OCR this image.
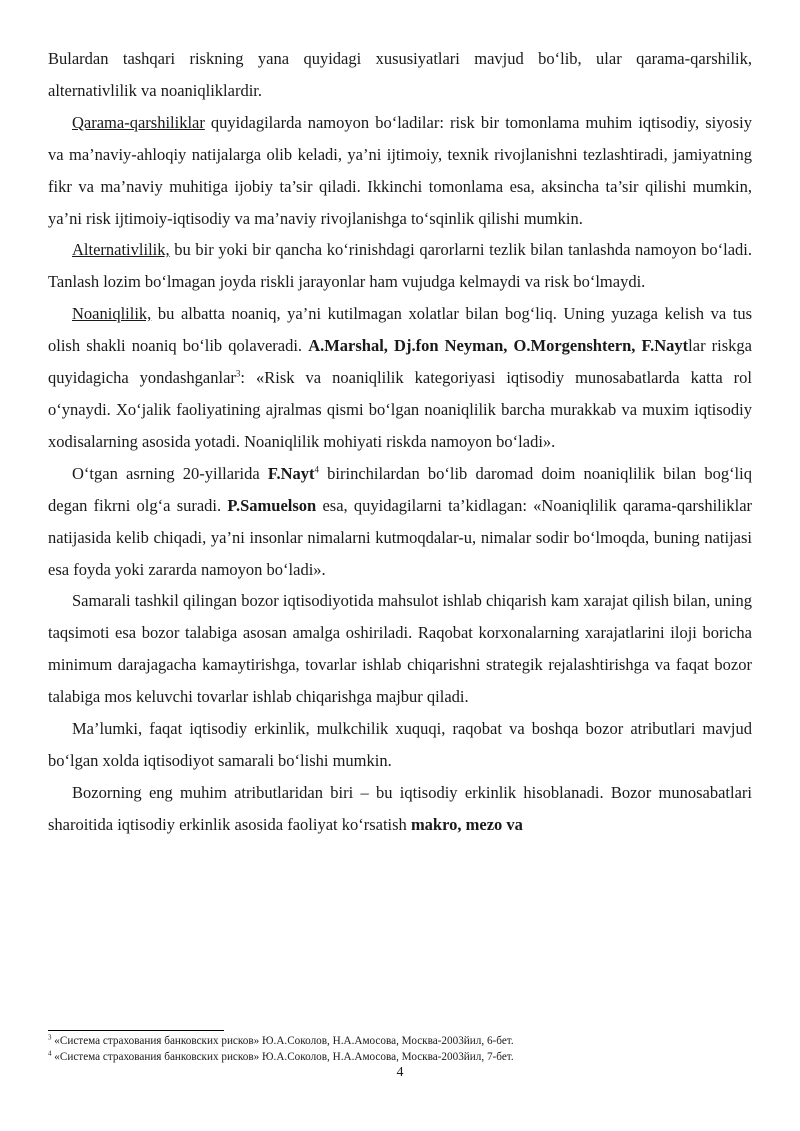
Bulardan tashqari riskning yana quyidagi xususiyatlari mavjud bo‘lib, ular qarama-qarshilik, alternativlilik va noaniqliklardir.

Qarama-qarshiliklar quyidagilarda namoyon bo‘ladilar: risk bir tomonlama muhim iqtisodiy, siyosiy va ma’naviy-ahloqiy natijalarga olib keladi, ya’ni ijtimoiy, texnik rivojlanishni tezlashtiradi, jamiyatning fikr va ma’naviy muhitiga ijobiy ta’sir qiladi. Ikkinchi tomonlama esa, aksincha ta’sir qilishi mumkin, ya’ni risk ijtimoiy-iqtisodiy va ma’naviy rivojlanishga to‘sqinlik qilishi mumkin.

Alternativlilik, bu bir yoki bir qancha ko‘rinishdagi qarorlarni tezlik bilan tanlashda namoyon bo‘ladi. Tanlash lozim bo‘lmagan joyda riskli jarayonlar ham vujudga kelmaydi va risk bo‘lmaydi.

Noaniqlilik, bu albatta noaniq, ya’ni kutilmagan xolatlar bilan bog‘liq. Uning yuzaga kelish va tus olish shakli noaniq bo‘lib qolaveradi. A.Marshal, Dj.fon Neyman, O.Morgenshtern, F.Naytlar riskga quyidagicha yondashganlar$^3$: «Risk va noaniqlilik kategoriyasi iqtisodiy munosabatlarda katta rol o‘ynaydi. Xo‘jalik faoliyatining ajralmas qismi bo‘lgan noaniqlilik barcha murakkab va muxim iqtisodiy xodisalarning asosida yotadi. Noaniqlilik mohiyati riskda namoyon bo‘ladi».

O‘tgan asrning 20-yillarida F.Nayt$^4$ birinchilardan bo‘lib daromad doim noaniqlilik bilan bog‘liq degan fikrni olg‘a suradi. P.Samuelson esa, quyidagilarni ta’kidlagan: «Noaniqlilik qarama-qarshiliklar natijasida kelib chiqadi, ya’ni insonlar nimalarni kutmoqdalar-u, nimalar sodir bo‘lmoqda, buning natijasi esa foyda yoki zararda namoyon bo‘ladi».

Samarali tashkil qilingan bozor iqtisodiyotida mahsulot ishlab chiqarish kam xarajat qilish bilan, uning taqsimoti esa bozor talabiga asosan amalga oshiriladi. Raqobat korxonalarning xarajatlarini iloji boricha minimum darajagacha kamaytirishga, tovarlar ishlab chiqarishni strategik rejalashtirishga va faqat bozor talabiga mos keluvchi tovarlar ishlab chiqarishga majbur qiladi.

Ma’lumki, faqat iqtisodiy erkinlik, mulkchilik xuquqi, raqobat va boshqa bozor atributlari mavjud bo‘lgan xolda iqtisodiyot samarali bo‘lishi mumkin.

Bozorning eng muhim atributlaridan biri – bu iqtisodiy erkinlik hisoblanadi. Bozor munosabatlari sharoitida iqtisodiy erkinlik asosida faoliyat ko‘rsatish makro, mezo va

$^3$ «Система страхования банковских рисков» Ю.А.Соколов, Н.А.Амосова, Москва-2003йил, 6-бет.

$^4$ «Система страхования банковских рисков» Ю.А.Соколов, Н.А.Амосова, Москва-2003йил, 7-бет.

4
